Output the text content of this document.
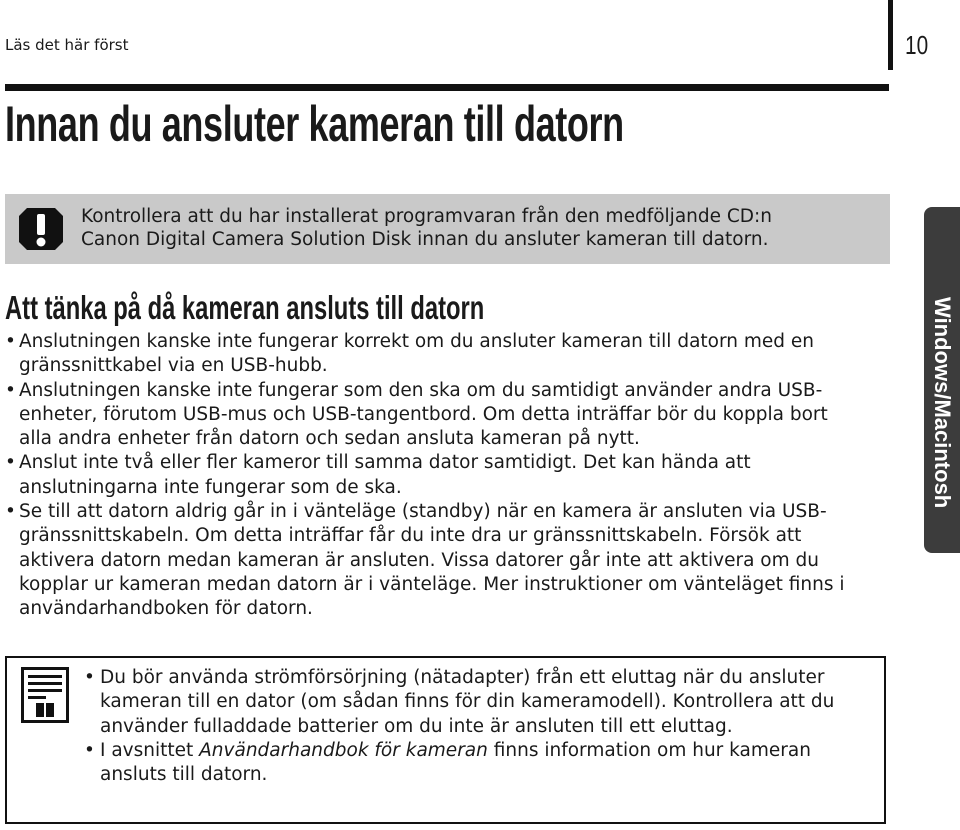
Läs det här först	10
Innan du ansluter kameran till datorn
Kontrollera att du har installerat programvaran från den medföljande CD:n
Canon Digital Camera Solution Disk innan du ansluter kameran till datorn.
Att tänka på då kameran ansluts till datorn
• Anslutningen kanske inte fungerar korrekt om du ansluter kameran till datorn med en gränssnittkabel via en USB-hubb.
• Anslutningen kanske inte fungerar som den ska om du samtidigt använder andra USB-enheter, förutom USB-mus och USB-tangentbord. Om detta inträffar bör du koppla bort alla andra enheter från datorn och sedan ansluta kameran på nytt.
• Anslut inte två eller fler kameror till samma dator samtidigt. Det kan hända att anslutningarna inte fungerar som de ska.
• Se till att datorn aldrig går in i vänteläge (standby) när en kamera är ansluten via USB-gränssnittskabeln. Om detta inträffar får du inte dra ur gränssnittskabeln. Försök att aktivera datorn medan kameran är ansluten. Vissa datorer går inte att aktivera om du kopplar ur kameran medan datorn är i vänteläge. Mer instruktioner om vänteläget finns i användarhandboken för datorn.
Windows/Macintosh
• Du bör använda strömförsörjning (nätadapter) från ett eluttag när du ansluter kameran till en dator (om sådan finns för din kameramodell). Kontrollera att du använder fulladdade batterier om du inte är ansluten till ett eluttag.
• I avsnittet Användarhandbok för kameran finns information om hur kameran ansluts till datorn.
